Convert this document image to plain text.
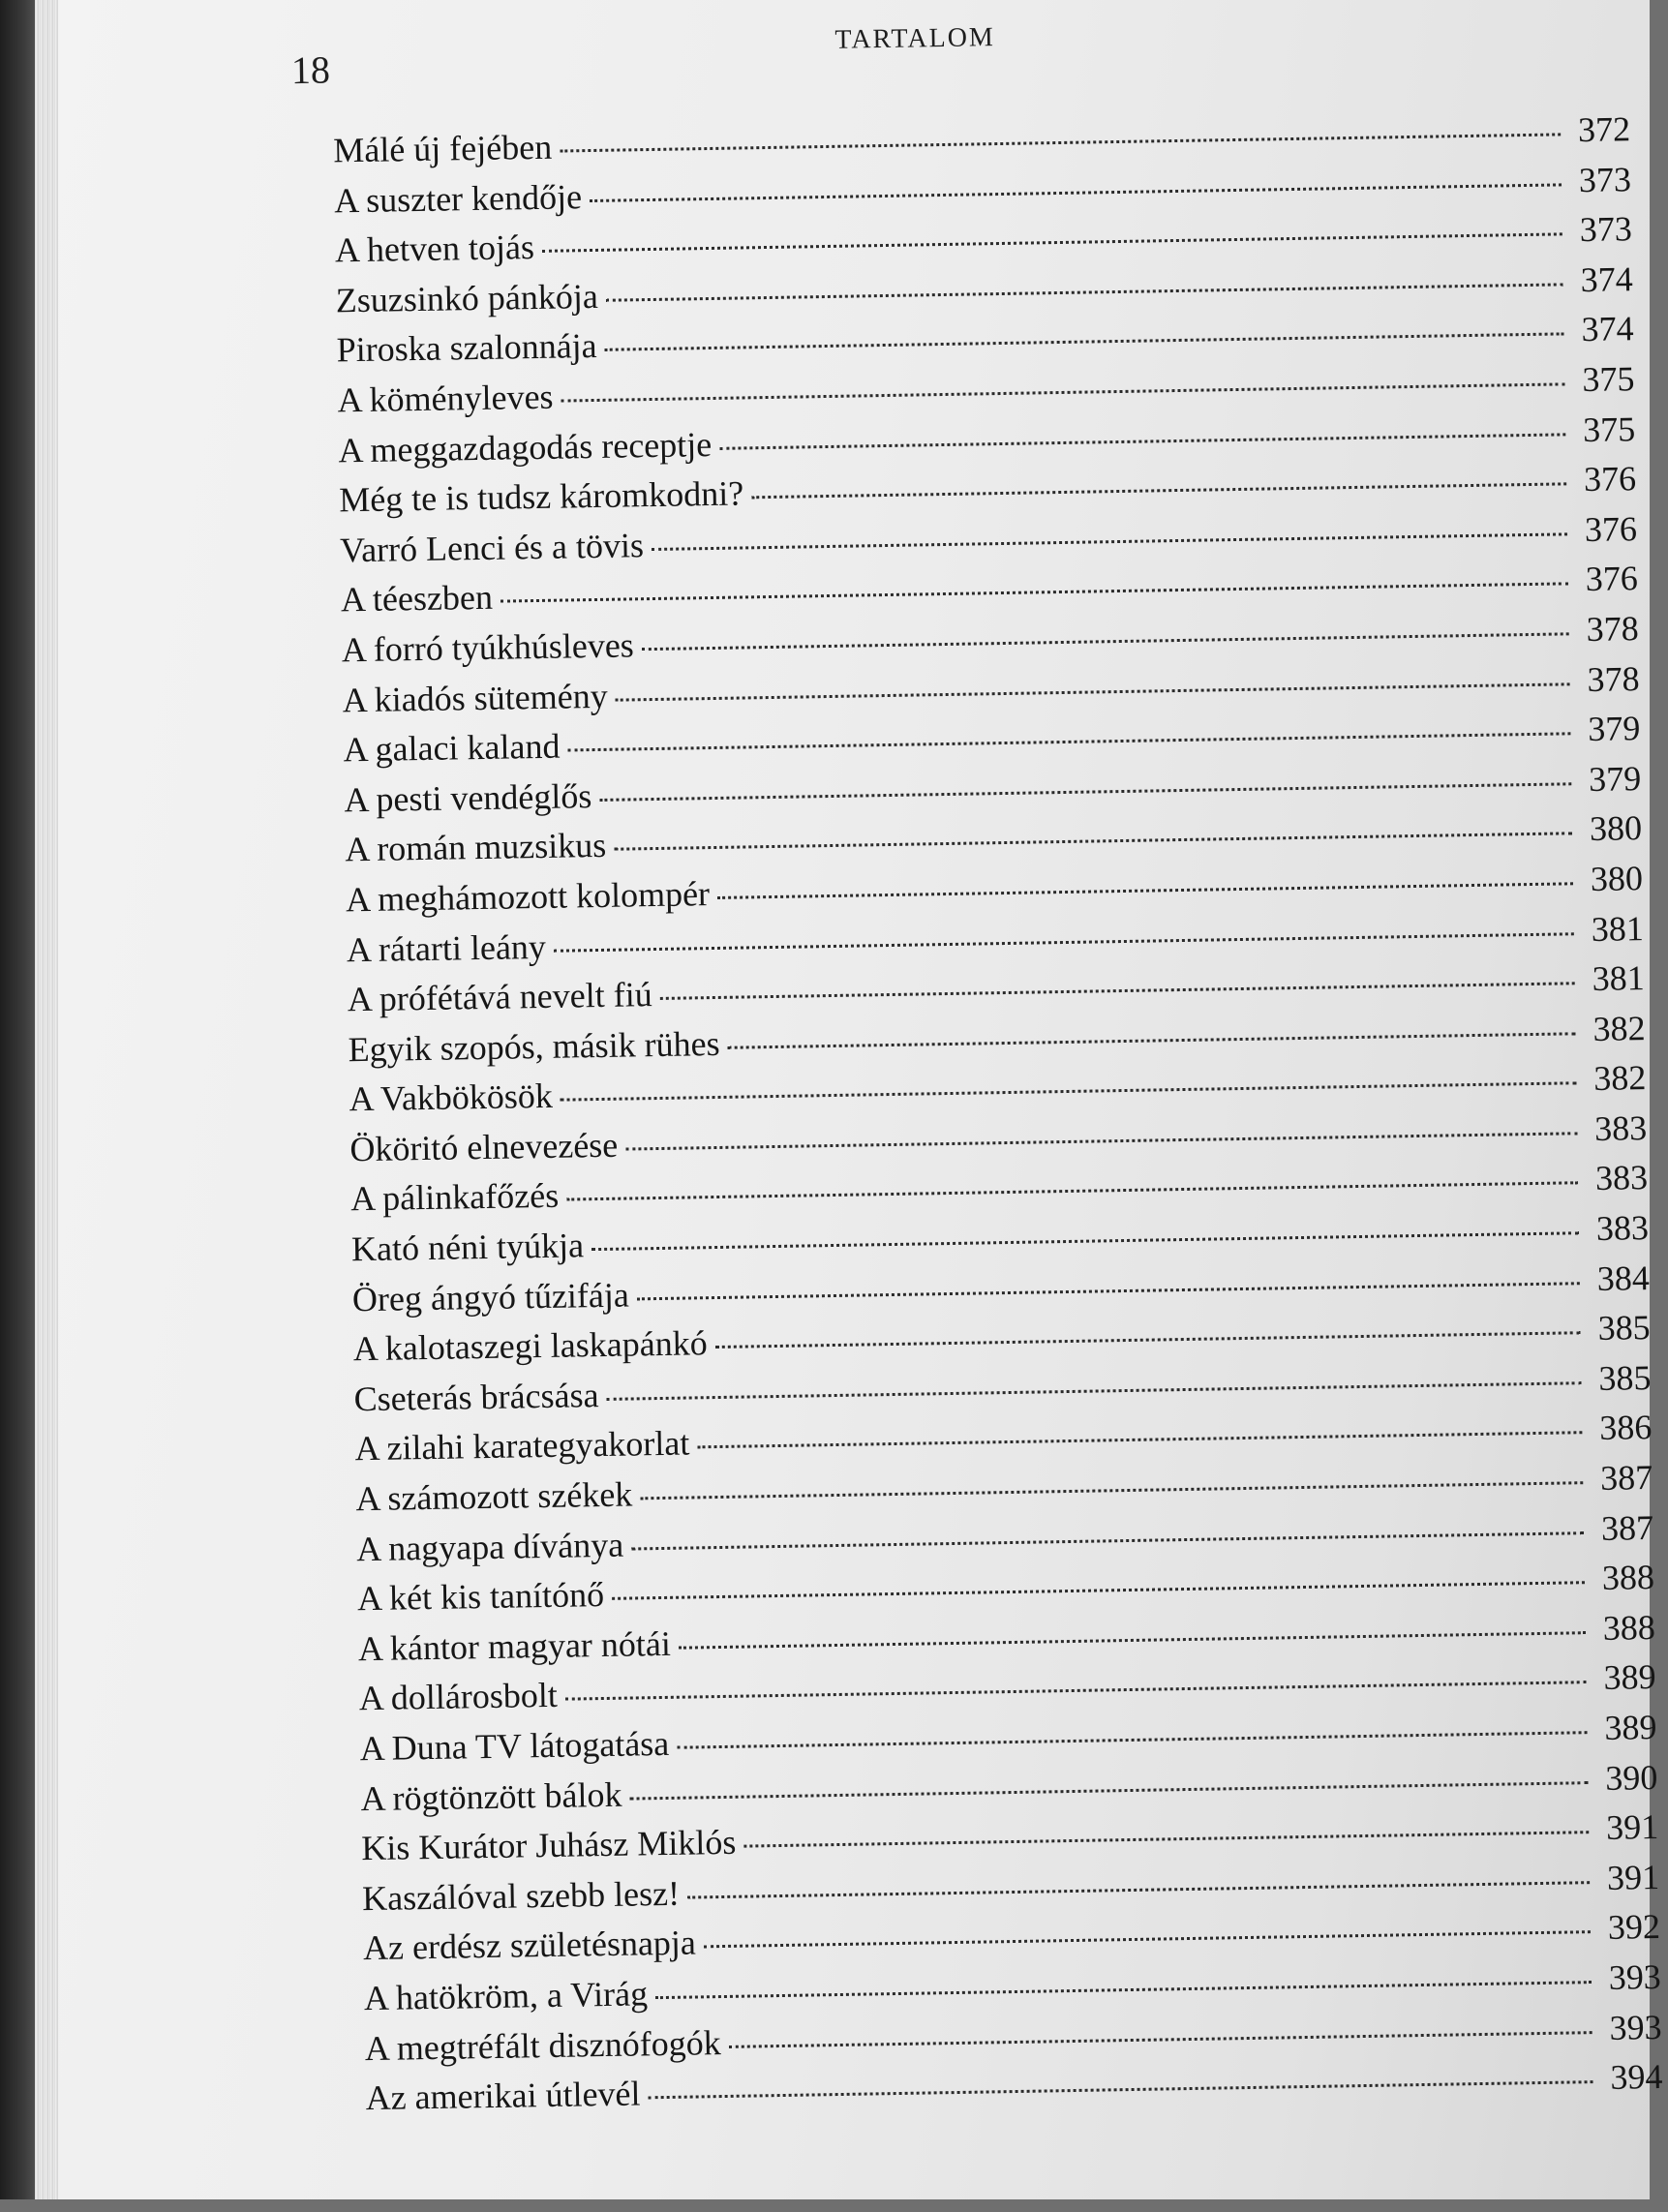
18
TARTALOM
Málé új fejében	372
A suszter kendője	373
A hetven tojás	373
Zsuzsinkó pánkója	374
Piroska szalonnája	374
A köményleves	375
A meggazdagodás receptje	375
Még te is tudsz káromkodni?	376
Varró Lenci és a tövis	376
A téeszben	376
A forró tyúkhúsleves	378
A kiadós sütemény	378
A galaci kaland	379
A pesti vendéglős	379
A román muzsikus	380
A meghámozott kolompér	380
A rátarti leány	381
A prófétává nevelt fiú	381
Egyik szopós, másik rühes	382
A Vakbökösök	382
Ököritó elnevezése	383
A pálinkafőzés	383
Kató néni tyúkja	383
Öreg ángyó tűzifája	384
A kalotaszegi laskapánkó	385
Cseterás brácsása	385
A zilahi karategyakorlat	386
A számozott székek	387
A nagyapa díványa	387
A két kis tanítónő	388
A kántor magyar nótái	388
A dollárosbolt	389
A Duna TV látogatása	389
A rögtönzött bálok	390
Kis Kurátor Juhász Miklós	391
Kaszálóval szebb lesz!	391
Az erdész születésnapja	392
A hatökröm, a Virág	393
A megtréfált disznófogók	393
Az amerikai útlevél	394
